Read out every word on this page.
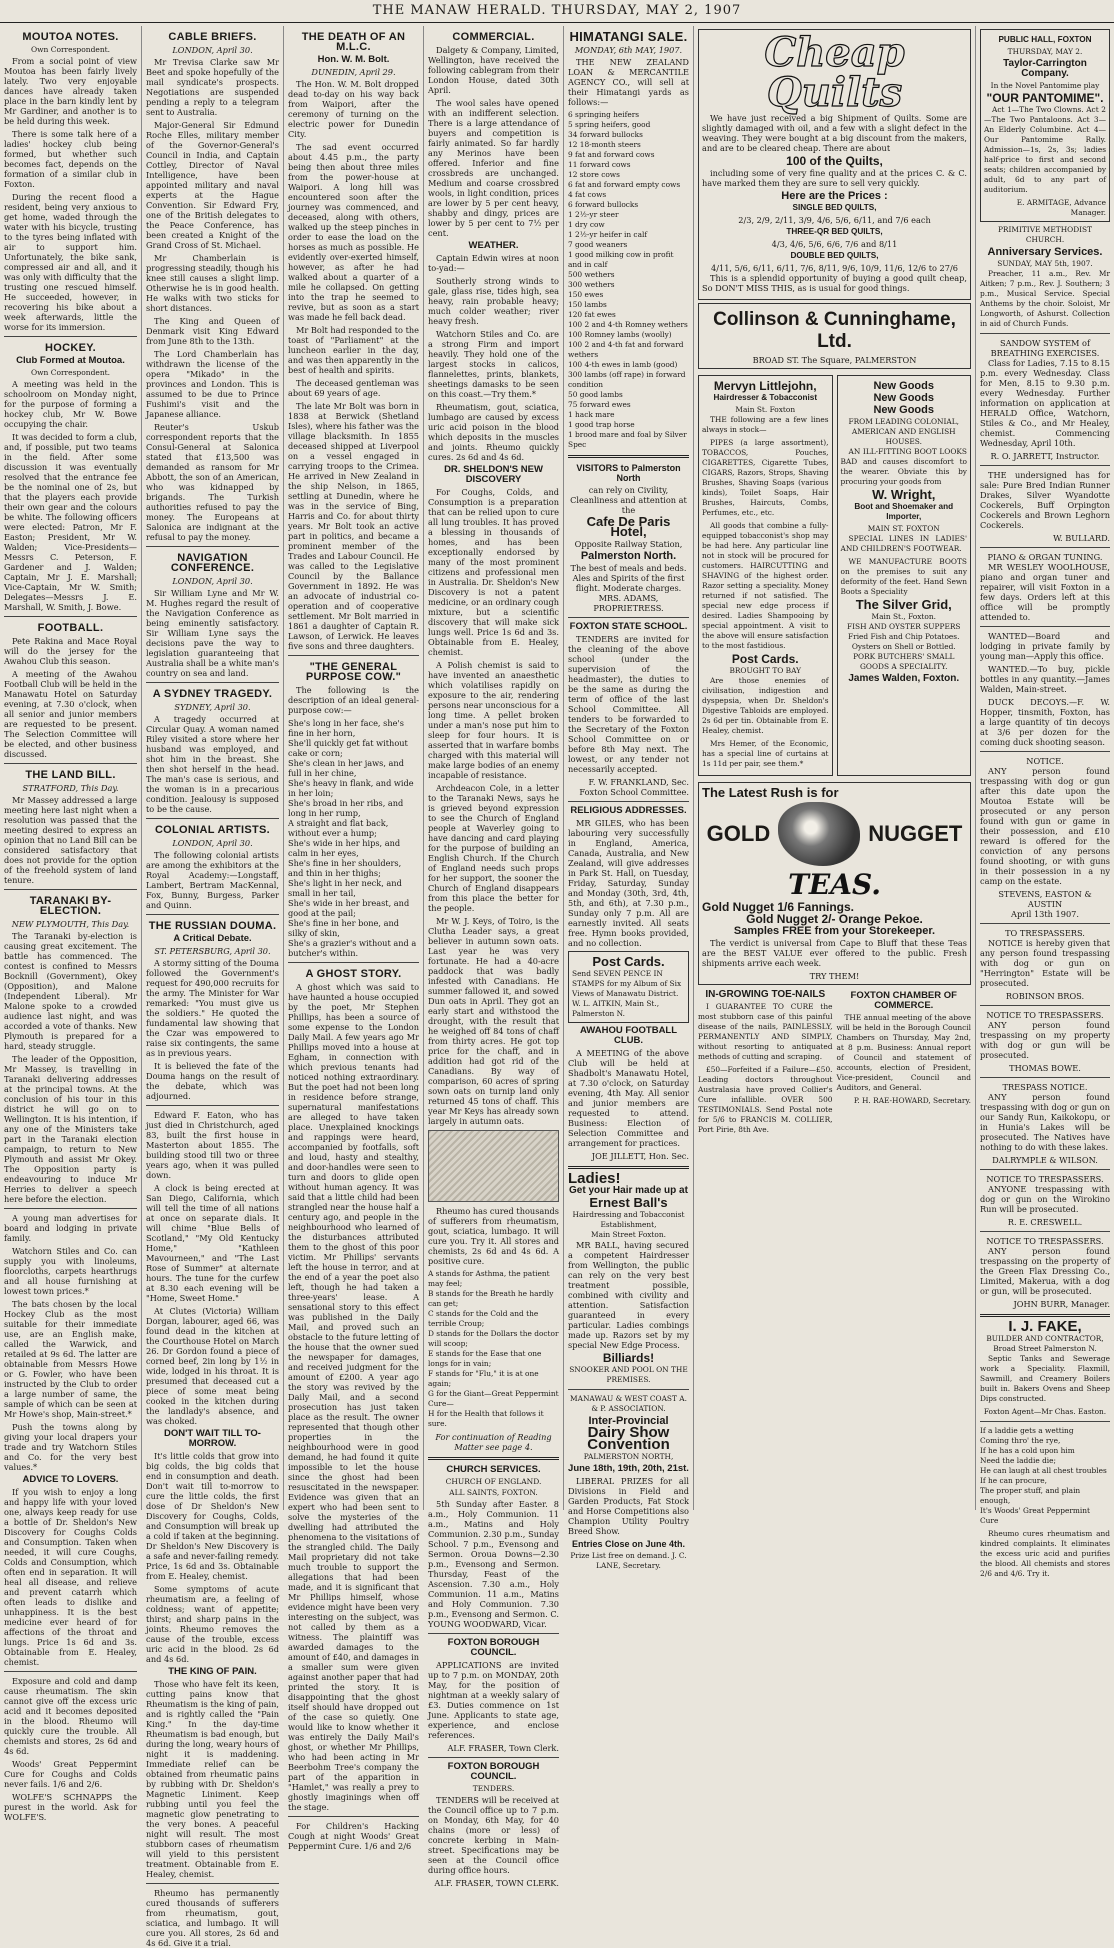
THE MANAW HERALD. THURSDAY, MAY 2, 1907
MOUTOA NOTES.
Own Correspondent.

From a social point of view Moutoa has been fairly lively lately. Two very enjoyable dances have already taken place in the barn kindly lent by Mr Gardiner, and another is to be held during this week.

There is some talk here of a ladies' hockey club being formed, but whether such becomes fact, depends on the formation of a similar club in Foxton.

During the recent flood a resident, being very anxious to get home, waded through the water with his bicycle, trusting to the tyres being inflated with air to support him. Unfortunately, the bike sank, compressed air and all, and it was only with difficulty that the trusting one rescued himself. He succeeded, however, in recovering his bike about a week afterwards, little the worse for its immersion.

HOCKEY.
Club Formed at Moutoa.
Own Correspondent.

A meeting was held in the schoolroom on Monday night, for the purpose of forming a hockey club, Mr W. Bowe occupying the chair.

It was decided to form a club, and, if possible, put two teams in the field. After some discussion it was eventually resolved that the entrance fee be the nominal one of 2s, but that the players each provide their own gear and the colours be white. The following officers were elected: Patron, Mr F. Easton; President, Mr W. Walden; Vice-Presidents—Messrs C. Peterson, F. Gardener and J. Walden; Captain, Mr J. E. Marshall; Vice-Captain, Mr W. Smith; Delegates—Messrs J. E. Marshall, W. Smith, J. Bowe.

FOOTBALL.

Pete Rakina and Mace Royal will do the jersey for the Awahou Club this season.

A meeting of the Awahou Football Club will be held in the Manawatu Hotel on Saturday evening, at 7.30 o'clock, when all senior and junior members are requested to be present. The Selection Committee will be elected, and other business discussed.

THE LAND BILL.
STRATFORD, This Day.

Mr Massey addressed a large meeting here last night when a resolution was passed that the meeting desired to express an opinion that no Land Bill can be considered satisfactory that does not provide for the option of the freehold system of land tenure.

TARANAKI BY-ELECTION.
NEW PLYMOUTH, This Day.

The Taranaki by-election is causing great excitement. The battle has commenced. The contest is confined to Messrs Bocknill (Government), Okey (Opposition), and Malone (Independent Liberal). Mr Malone spoke to a crowded audience last night, and was accorded a vote of thanks. New Plymouth is prepared for a hard, steady struggle.

The leader of the Opposition, Mr Massey, is travelling in Taranaki delivering addresses at the principal towns. At the conclusion of his tour in this district he will go on to Wellington. It is his intention, if any one of the Ministers take part in the Taranaki election campaign, to return to New Plymouth and assist Mr Okey. The Opposition party is endeavouring to induce Mr Herries to deliver a speech here before the election.

A young man advertises for board and lodging in private family.

Watchorn Stiles and Co. can supply you with linoleums, floorcloths, carpets hearthrugs and all house furnishing at lowest town prices.*

The bats chosen by the local Hockey Club as the most suitable for their immediate use, are an English make, called the Warwick, and retailed at 9s 6d. The latter are obtainable from Messrs Howe or G. Fowler, who have been instructed by the Club to order a large number of same, the sample of which can be seen at Mr Howe's shop, Main-street.*

Push the towns along by giving your local drapers your trade and try Watchorn Stiles and Co. for the very best values.*

ADVICE TO LOVERS.

If you wish to enjoy a long and happy life with your loved one, always keep ready for use a bottle of Dr. Sheldon's New Discovery for Coughs Colds and Consumption. Taken when needed, it will cure Coughs, Colds and Consumption, which often end in separation. It will heal all disease, and relieve and prevent catarrh which often leads to dislike and unhappiness. It is the best medicine ever heard of for affections of the throat and lungs. Price 1s 6d and 3s. Obtainable from E. Healey, chemist.

Exposure and cold and damp cause rheumatism. The skin cannot give off the excess uric acid and it becomes deposited in the blood. Rheumo will quickly cure the trouble. All chemists and stores, 2s 6d and 4s 6d.

Woods' Great Peppermint Cure for Coughs and Colds never fails. 1/6 and 2/6.

WOLFE'S SCHNAPPS the purest in the world. Ask for WOLFE'S.

CABLE BRIEFS.
LONDON, April 30.

Mr Trevisa Clarke saw Mr Beet and spoke hopefully of the mail syndicate's prospects. Negotiations are suspended pending a reply to a telegram sent to Australia.

Major-General Sir Edmund Roche Elles, military member of the Governor-General's Council in India, and Captain Cottley, Director of Naval Intelligence, have been appointed military and naval experts at the Hague Convention. Sir Edward Fry, one of the British delegates to the Peace Conference, has been created a Knight of the Grand Cross of St. Michael.

Mr Chamberlain is progressing steadily, though his knee still causes a slight limp. Otherwise he is in good health. He walks with two sticks for short distances.

The King and Queen of Denmark visit King Edward from June 8th to the 13th.

The Lord Chamberlain has withdrawn the license of the opera "Mikado" in the provinces and London. This is assumed to be due to Prince Fushimi's visit and the Japanese alliance.

Reuter's Uskub correspondent reports that the Consul-General at Salonica stated that £13,500 was demanded as ransom for Mr Abbott, the son of an American, who was kidnapped by brigands. The Turkish authorities refused to pay the money. The Europeans at Salonica are indignant at the refusal to pay the money.

NAVIGATION CONFERENCE.
LONDON, April 30.

Sir William Lyne and Mr W. M. Hughes regard the result of the Navigation Conference as being eminently satisfactory. Sir William Lyne says the decisions pave the way to legislation guaranteeing that Australia shall be a white man's country on sea and land.

A SYDNEY TRAGEDY.
SYDNEY, April 30.

A tragedy occurred at Circular Quay. A woman named Riley visited a store where her husband was employed, and shot him in the breast. She then shot herself in the head. The man's case is serious, and the woman is in a precarious condition. Jealousy is supposed to be the cause.

COLONIAL ARTISTS.
LONDON, April 30.

The following colonial artists are among the exhibitors at the Royal Academy:—Longstaff, Lambert, Bertram MacKennal, Fox, Bunny, Burgess, Parker and Quinn.

THE RUSSIAN DOUMA.
A Critical Debate.
ST. PETERSBURG, April 30.

A stormy sitting of the Douma followed the Government's request for 490,000 recruits for the army. The Minister for War remarked: "You must give us the soldiers." He quoted the fundamental law showing that the Czar was empowered to raise six contingents, the same as in previous years.

It is believed the fate of the Douma hangs on the result of the debate, which was adjourned.

Edward F. Eaton, who has just died in Christchurch, aged 83, built the first house in Masterton about 1855. The building stood till two or three years ago, when it was pulled down.

A clock is being erected at San Diego, California, which will tell the time of all nations at once on separate dials. It will chime "Blue Bells of Scotland," "My Old Kentucky Home," "Kathleen Mavourneen," and "The Last Rose of Summer" at alternate hours. The tune for the curfew at 8.30 each evening will be "Home, Sweet Home."

At Clutes (Victoria) William Dorgan, labourer, aged 66, was found dead in the kitchen at the Courthouse Hotel on March 26. Dr Gordon found a piece of corned beef, 2in long by 1½ in wide, lodged in his throat. It is presumed that deceased cut a piece of some meat being cooked in the kitchen during the landlady's absence, and was choked.

DON'T WAIT TILL TO-MORROW.

It's little colds that grow into big colds, the big colds that end in consumption and death. Don't wait till to-morrow to cure the little colds, the first dose of Dr Sheldon's New Discovery for Coughs, Colds, and Consumption will break up a cold if taken at the beginning. Dr Sheldon's New Discovery is a safe and never-failing remedy. Price, 1s 6d and 3s. Obtainable from E. Healey, chemist.

Some symptoms of acute rheumatism are, a feeling of coldness; want of appetite; thirst; and sharp pains in the joints. Rheumo removes the cause of the trouble, excess uric acid in the blood. 2s 6d and 4s 6d.

THE KING OF PAIN.

Those who have felt its keen, cutting pains know that Rheumatism is the king of pain, and is rightly called the "Pain King." In the day-time Rheumatism is bad enough, but during the long, weary hours of night it is maddening. Immediate relief can be obtained from rheumatic pains by rubbing with Dr. Sheldon's Magnetic Liniment. Keep rubbing until you feel the magnetic glow penetrating to the very bones. A peaceful night will result. The most stubborn cases of rheumatism will yield to this persistent treatment. Obtainable from E. Healey, chemist.

Rheumo has permanently cured thousands of sufferers from rheumatism, gout, sciatica, and lumbago. It will cure you. All stores, 2s 6d and 4s 6d. Give it a trial.

THE DEATH OF AN M.L.C.
Hon. W. M. Bolt.
DUNEDIN, April 29.

The Hon. W. M. Bolt dropped dead to-day on his way back from Waipori, after the ceremony of turning on the electric power for Dunedin City.

The sad event occurred about 4.45 p.m., the party being then about three miles from the power-house at Waipori. A long hill was encountered soon after the journey was commenced, and deceased, along with others, walked up the steep pinches in order to ease the load on the horses as much as possible. He evidently over-exerted himself, however, as after he had walked about a quarter of a mile he collapsed. On getting into the trap he seemed to revive, but as soon as a start was made he fell back dead.

Mr Bolt had responded to the toast of "Parliament" at the luncheon earlier in the day, and was then apparently in the best of health and spirits.

The deceased gentleman was about 69 years of age.

The late Mr Bolt was born in 1838 at Berwick (Shetland Isles), where his father was the village blacksmith. In 1855 deceased shipped at Liverpool on a vessel engaged in carrying troops to the Crimea. He arrived in New Zealand in the ship Nelson, in 1865, settling at Dunedin, where he was in the service of Bing, Harris and Co. for about thirty years. Mr Bolt took an active part in politics, and became a prominent member of the Trades and Labour Council. He was called to the Legislative Council by the Ballance Government in 1892. He was an advocate of industrial co-operation and of cooperative settlement. Mr Bolt married in 1861 a daughter of Captain R. Lawson, of Lerwick. He leaves five sons and three daughters.

"THE GENERAL PURPOSE COW."

The following is the description of an ideal general-purpose cow:—

She's long in her face, she's fine in her horn,
She'll quickly get fat without cake or corn;
She's clean in her jaws, and full in her chine,
She's heavy in flank, and wide in her loin;
She's broad in her ribs, and long in her rump,
A straight and flat back, without ever a hump;
She's wide in her hips, and calm in her eyes,
She's fine in her shoulders, and thin in her thighs;
She's light in her neck, and small in her tail,
She's wide in her breast, and good at the pail;
She's fine in her bone, and silky of skin,
She's a grazier's without and a butcher's within.
A GHOST STORY.

A ghost which was said to have haunted a house occupied by the poet, Mr Stephen Phillips, has been a source of some expense to the London Daily Mail. A few years ago Mr Phillips moved into a house at Egham, in connection with which previous tenants had noticed nothing extraordinary. But the poet had not been long in residence before strange, supernatural manifestations are alleged to have taken place. Unexplained knockings and rappings were heard, accompanied by footfalls, soft and loud, hasty and stealthy, and door-handles were seen to turn and doors to glide open without human agency. It was said that a little child had been strangled near the house half a century ago, and people in the neighbourhood who learned of the disturbances attributed them to the ghost of this poor victim. Mr Phillips' servants left the house in terror, and at the end of a year the poet also left, though he had taken a three-years' lease. A sensational story to this effect was published in the Daily Mail, and proved such an obstacle to the future letting of the house that the owner sued the newspaper for damages, and received judgment for the amount of £200. A year ago the story was revived by the Daily Mail, and a second prosecution has just taken place as the result. The owner represented that though other properties in the neighbourhood were in good demand, he had found it quite impossible to let the house since the ghost had been resuscitated in the newspaper. Evidence was given that an expert who had been sent to solve the mysteries of the dwelling had attributed the phenomena to the visitations of the strangled child. The Daily Mail proprietary did not take much trouble to support the allegations that had been made, and it is significant that Mr Phillips himself, whose evidence might have been very interesting on the subject, was not called by them as a witness. The plaintiff was awarded damages to the amount of £40, and damages in a smaller sum were given against another paper that had printed the story. It is disappointing that the ghost itself should have dropped out of the case so quietly. One would like to know whether it was entirely the Daily Mail's ghost, or whether Mr Phillips, who had been acting in Mr Beerbohm Tree's company the part of the apparition in "Hamlet," was really a prey to ghostly imaginings when off the stage.

For Children's Hacking Cough at night Woods' Great Peppermint Cure. 1/6 and 2/6

COMMERCIAL.

Dalgety & Company, Limited, Wellington, have received the following cablegram from their London House, dated 30th April.

The wool sales have opened with an indifferent selection. There is a large attendance of buyers and competition is fairly animated. So far hardly any Merinos have been offered. Inferior and fine crossbreds are unchanged. Medium and coarse crossbred wools, in light condition, prices are lower by 5 per cent heavy, shabby and dingy, prices are lower by 5 per cent to 7½ per cent.

WEATHER.

Captain Edwin wires at noon to-yad:—

Southerly strong winds to gale, glass rise, tides high, sea heavy, rain probable heavy; much colder weather; river heavy fresh.

Watchorn Stiles and Co. are a strong Firm and import heavily. They hold one of the largest stocks in calicos, flannelettes, prints, blankets, sheetings damasks to be seen on this coast.—Try them.*

Rheumatism, gout, sciatica, lumbago are caused by excess uric acid poison in the blood which deposits in the muscles and joints. Rheumo quickly cures. 2s 6d and 4s 6d.

DR. SHELDON'S NEW DISCOVERY

For Coughs, Colds, and Consumption is a preparation that can be relied upon to cure all lung troubles. It has proved a blessing in thousands of homes, and has been exceptionally endorsed by many of the most prominent citizens and professional men in Australia. Dr. Sheldon's New Discovery is not a patent medicine, or an ordinary cough mixture, but a scientific discovery that will make sick lungs well. Price 1s 6d and 3s. Obtainable from E. Healey, chemist.

A Polish chemist is said to have invented an anaesthetic which volatilises rapidly on exposure to the air, rendering persons near unconscious for a long time. A pellet broken under a man's nose put him to sleep for four hours. It is asserted that in warfare bombs charged with this material will make large bodies of an enemy incapable of resistance.

Archdeacon Cole, in a letter to the Taranaki News, says he is grieved beyond expression to see the Church of England people at Waverley going to have dancing and card playing for the purpose of building an English Church. If the Church of England needs such props for her support, the sooner the Church of England disappears from this place the better for the people.

Mr W. J. Keys, of Toiro, is the Clutha Leader says, a great believer in autumn sown oats. Last year he was very fortunate. He had a 40-acre paddock that was badly infested with Canadians. He summer fallowed it, and sowed Dun oats in April. They got an early start and withstood the drought, with the result that he weighed off 84 tons of chaff from thirty acres. He got top price for the chaff, and in addition had got rid of the Canadians. By way of comparison, 60 acres of spring sown oats on turnip land only returned 45 tons of chaff. This year Mr Keys has already sown largely in autumn oats.

Rheumo has cured thousands of sufferers from rheumatism, gout, sciatica, lumbago. It will cure you. Try it. All stores and chemists, 2s 6d and 4s 6d. A positive cure.

A stands for Asthma, the patient may feel;
B stands for the Breath he hardly can get;
C stands for the Cold and the terrible Croup;
D stands for the Dollars the doctor will scoop;
E stands for the Ease that one longs for in vain;
F stands for "Flu," it is at one again;
G for the Giant—Great Peppermint Cure—
H for the Health that follows it sure.
For continuation of Reading Matter see page 4.
CHURCH SERVICES.
CHURCH OF ENGLAND.
ALL SAINTS, FOXTON.

5th Sunday after Easter. 8 a.m., Holy Communion. 11 a.m., Matins and Holy Communion. 2.30 p.m., Sunday School. 7 p.m., Evensong and Sermon. Oroua Downs—2.30 p.m., Evensong and Sermon. Thursday, Feast of the Ascension. 7.30 a.m., Holy Communion. 11 a.m., Matins and Holy Communion. 7.30 p.m., Evensong and Sermon. C. YOUNG WOODWARD, Vicar.

FOXTON BOROUGH COUNCIL.

APPLICATIONS are invited up to 7 p.m. on MONDAY, 20th May, for the position of nightman at a weekly salary of £3. Duties commence on 1st June. Applicants to state age, experience, and enclose references.

ALF. FRASER, Town Clerk.
FOXTON BOROUGH COUNCIL.
TENDERS.

TENDERS will be received at the Council office up to 7 p.m. on Monday, 6th May, for 40 chains (more or less) of concrete kerbing in Main-street. Specifications may be seen at the Council office during office hours.

ALF. FRASER, TOWN CLERK.
HIMATANGI SALE.
MONDAY, 6th MAY, 1907.

THE NEW ZEALAND LOAN & MERCANTILE AGENCY CO., will sell at their Himatangi yards as follows:—

6 springing heifers
5 spring heifers, good
34 forward bullocks
12 18-month steers
9 fat and forward cows
11 forward cows
12 store cows
6 fat and forward empty cows
4 fat cows
6 forward bullocks
1 2½-yr steer
1 dry cow
1 2½-yr heifer in calf
7 good weaners
1 good milking cow in profit and in calf
500 wethers
300 wethers
150 ewes
150 lambs
120 fat ewes
100 2 and 4-th Romney wethers
100 Romney lambs (woolly)
100 2 and 4-th fat and forward wethers
100 4-th ewes in lamb (good)
300 lambs (off rape) in forward condition
50 good lambs
75 forward ewes
1 hack mare
1 good trap horse
1 brood mare and foal by Silver Spec
VISITORS to Palmerston North
can rely on Civility, Cleanliness and attention at the
Cafe De Paris Hotel,
Opposite Railway Station,
Palmerston North.
The best of meals and beds. Ales and Spirits of the first flight. Moderate charges.
MRS. ADAMS, PROPRIETRESS.
FOXTON STATE SCHOOL.

TENDERS are invited for the cleaning of the above school (under the supervision of the headmaster), the duties to be the same as during the term of office of the last School Committee. All tenders to be forwarded to the Secretary of the Foxton School Committee on or before 8th May next. The lowest, or any tender not necessarily accepted.

F. W. FRANKLAND, Sec. Foxton School Committee.
RELIGIOUS ADDRESSES.

MR GILES, who has been labouring very successfully in England, America, Canada, Australia, and New Zealand, will give addresses in Park St. Hall, on Tuesday, Friday, Saturday, Sunday and Monday (30th, 3rd, 4th, 5th, and 6th), at 7.30 p.m., Sunday only 7 p.m. All are earnestly invited. All seats free. Hymn books provided, and no collection.

Post Cards.
Send SEVEN PENCE IN STAMPS for my Album of Six Views of Manawatu District. W. L. AITKIN, Main St., Palmerston N.
AWAHOU FOOTBALL CLUB.

A MEETING of the above Club will be held at Shadbolt's Manawatu Hotel, at 7.30 o'clock, on Saturday evening, 4th May. All senior and junior members are requested to attend. Business: Election of Selection Committee and arrangement for practices.

JOE JILLETT, Hon. Sec.
Ladies!
Get your Hair made up at
Ernest Ball's
Hairdressing and Tobacconist Establishment,
Main Street Foxton.

MR BALL, having secured a competent Hairdresser from Wellington, the public can rely on the very best treatment possible, combined with civility and attention. Satisfaction guaranteed in every particular. Ladies combings made up. Razors set by my special New Edge Process.

Billiards!
SNOOKER AND POOL ON THE PREMISES.
MANAWAU & WEST COAST A. & P. ASSOCIATION.
Inter-Provincial
Dairy Show
Convention
PALMERSTON NORTH,
June 18th, 19th, 20th, 21st.

LIBERAL PRIZES for all Divisions in Field and Garden Products, Fat Stock and Horse Competitions also Champion Utility Poultry Breed Show.

Entries Close on June 4th.
Prize List free on demand. J. C. LANE, Secretary.
Cheap Quilts

We have just received a big Shipment of Quilts. Some are slightly damaged with oil, and a few with a slight defect in the weaving. They were bought at a big discount from the makers, and are to be cleared cheap. There are about

100 of the Quilts,

including some of very fine quality and at the prices C. & C. have marked them they are sure to sell very quickly.

Here are the Prices :
SINGLE BED QUILTS,
2/3, 2/9, 2/11, 3/9, 4/6, 5/6, 6/11, and 7/6 each
THREE-QR BED QUILTS,
4/3, 4/6, 5/6, 6/6, 7/6 and 8/11
DOUBLE BED QUILTS,
4/11, 5/6, 6/11, 6/11, 7/6, 8/11, 9/6, 10/9, 11/6, 12/6 to 27/6

This is a splendid opportunity of buying a good quilt cheap, So DON'T MISS THIS, as is usual for good things.

Collinson & Cunninghame, Ltd.
BROAD ST. The Square, PALMERSTON
Mervyn Littlejohn,
Hairdresser & Tobacconist
Main St. Foxton

THE following are a few lines always in stock—

PIPES (a large assortment), TOBACCOS, Pouches, CIGARETTES, Cigarette Tubes, CIGARS, Razors, Strops, Shaving Brushes, Shaving Soaps (various kinds), Toilet Soaps, Hair Brushes, Haircuts, Combs, Perfumes, etc., etc.

All goods that combine a fully-equipped tobacconist's shop may be had here. Any particular line not in stock will be procured for customers. HAIRCUTTING and SHAVING of the highest order. Razor setting a speciality. Money returned if not satisfied. The special new edge process if desired. Ladies Shampooing by special appointment. A visit to the above will ensure satisfaction to the most fastidious.

Post Cards.
BROUGHT TO BAY

Are those enemies of civilisation, indigestion and dyspepsia, when Dr. Sheldon's Digestive Tabloids are employed. 2s 6d per tin. Obtainable from E. Healey, chemist.

Mrs Hemer, of the Economic, has a special line of curtains at 1s 11d per pair, see them.*

New Goods
New Goods
New Goods
FROM LEADING COLONIAL, AMERICAN AND ENGLISH HOUSES.

AN ILL-FITTING BOOT LOOKS BAD and causes discomfort to the wearer. Obviate this by procuring your goods from

W. Wright,
Boot and Shoemaker and Importer,
MAIN ST. FOXTON

SPECIAL LINES IN LADIES' AND CHILDREN'S FOOTWEAR.

WE MANUFACTURE BOOTS on the premises to suit any deformity of the feet. Hand Sewn Boots a Speciality

The Silver Grid,
Main St., Foxton.
FISH AND OYSTER SUPPERS
Fried Fish and Chip Potatoes. Oysters on Shell or Bottled.
PORK BUTCHERS' SMALL GOODS A SPECIALITY.
James Walden, Foxton.
The Latest Rush is for
GOLD	NUGGET
TEAS.
Gold Nugget 1/6 Fannings.
Gold Nugget 2/- Orange Pekoe.
Samples FREE from your Storekeeper.

The verdict is universal from Cape to Bluff that these Teas are the BEST VALUE ever offered to the public. Fresh shipments arrive each week.

TRY THEM!
IN-GROWING TOE-NAILS

I GUARANTEE TO CURE the most stubborn case of this painful disease of the nails, PAINLESSLY, PERMANENTLY AND SIMPLY, without resorting to antiquated methods of cutting and scraping.

£50—Forfeited if a Failure—£50. Leading doctors throughout Australasia have proved Collier's Cure infallible. OVER 500 TESTIMONIALS. Send Postal note for 5/6 to FRANCIS M. COLLIER, Port Pirie, 8th Ave.

FOXTON CHAMBER OF COMMERCE.

THE annual meeting of the above will be held in the Borough Council Chambers on Thursday, May 2nd, at 8 p.m. Business: Annual report of Council and statement of accounts, election of President, Vice-president, Council and Auditors, and General.

P. H. RAE-HOWARD, Secretary.
PUBLIC HALL, FOXTON
THURSDAY, MAY 2.
Taylor-Carrington Company.
In the Novel Pantomime play
"OUR PANTOMIME".

Act 1—The Two Clowns. Act 2—The Two Pantaloons. Act 3—An Elderly Columbine. Act 4—Our Pantomime Rally. Admission—1s, 2s, 3s; ladies half-price to first and second seats; children accompanied by adult, 6d to any part of auditorium.

E. ARMITAGE, Advance Manager.
PRIMITIVE METHODIST CHURCH.
Anniversary Services.
SUNDAY, MAY 5th, 1907.

Preacher, 11 a.m., Rev. Mr Aitken; 7 p.m., Rev. J. Southern; 3 p.m., Musical Service. Special Anthems by the choir. Soloist, Mr Longworth, of Ashurst. Collection in aid of Church Funds.

SANDOW SYSTEM of BREATHING EXERCISES.

Class for Ladies, 7.15 to 8.15 p.m. every Wednesday. Class for Men, 8.15 to 9.30 p.m. every Wednesday. Further information on application at HERALD Office, Watchorn, Stiles & Co., and Mr Healey, chemist. Commencing Wednesday, April 10th.

R. O. JARRETT, Instructor.

THE undersigned has for sale: Pure Bred Indian Runner Drakes, Silver Wyandotte Cockerels, Buff Orpington Cockerels and Brown Leghorn Cockerels.

W. BULLARD.
PIANO & ORGAN TUNING.

MR WESLEY WOOLHOUSE, piano and organ tuner and repairer, will visit Foxton in a few days. Orders left at this office will be promptly attended to.

WANTED—Board and lodging in private family by young man—Apply this office.

WANTED.—To buy, pickle bottles in any quantity.—James Walden, Main-street.

DUCK DECOYS.—F. W. Hopper, tinsmith, Foxton, has a large quantity of tin decoys at 3/6 per dozen for the coming duck shooting season.

NOTICE.

ANY person found trespassing with dog or gun after this date upon the Moutoa Estate will be prosecuted or any person found with gun or game in their possession, and £10 reward is offered for the conviction of any persons found shooting, or with guns in their possession in a ny camp on the estate.

STEVENS, EASTON & AUSTIN
April 13th 1907.
TO TRESPASSERS.

NOTICE is hereby given that any person found trespassing with dog or gun on "Herrington" Estate will be prosecuted.

ROBINSON BROS.
NOTICE TO TRESPASSERS.

ANY person found trespassing on my property with dog or gun will be prosecuted.

THOMAS BOWE.
TRESPASS NOTICE.

ANY person found trespassing with dog or gun on our Sandy Run, Kaikokopu, or in Hunia's Lakes will be prosecuted. The Natives have nothing to do with these lakes.

DALRYMPLE & WILSON.
NOTICE TO TRESPASSERS.

ANYONE trespassing with dog or gun on the Wirokino Run will be prosecuted.

R. E. CRESWELL.
NOTICE TO TRESPASSERS.

ANY person found trespassing on the property of the Green Flax Dressing Co., Limited, Makerua, with a dog or gun, will be prosecuted.

JOHN BURR, Manager.
I. J. FAKE,
BUILDER AND CONTRACTOR,
Broad Street Palmerston N.

Septic Tanks and Sewerage work a Speciality. Flaxmill, Sawmill, and Creamery Boilers built in. Bakers Ovens and Sheep Dips constructed.

Foxton Agent—Mr Chas. Easton.
If a laddie gets a wetting
Coming thro' the rye,
If he has a cold upon him
Need the laddie die;
He can laugh at all chest troubles
If he can procure,
The proper stuff, and plain enough,
It's Woods' Great Peppermint Cure

Rheumo cures rheumatism and kindred complaints. It eliminates the excess uric acid and purifies the blood. All chemists and stores 2/6 and 4/6. Try it.
